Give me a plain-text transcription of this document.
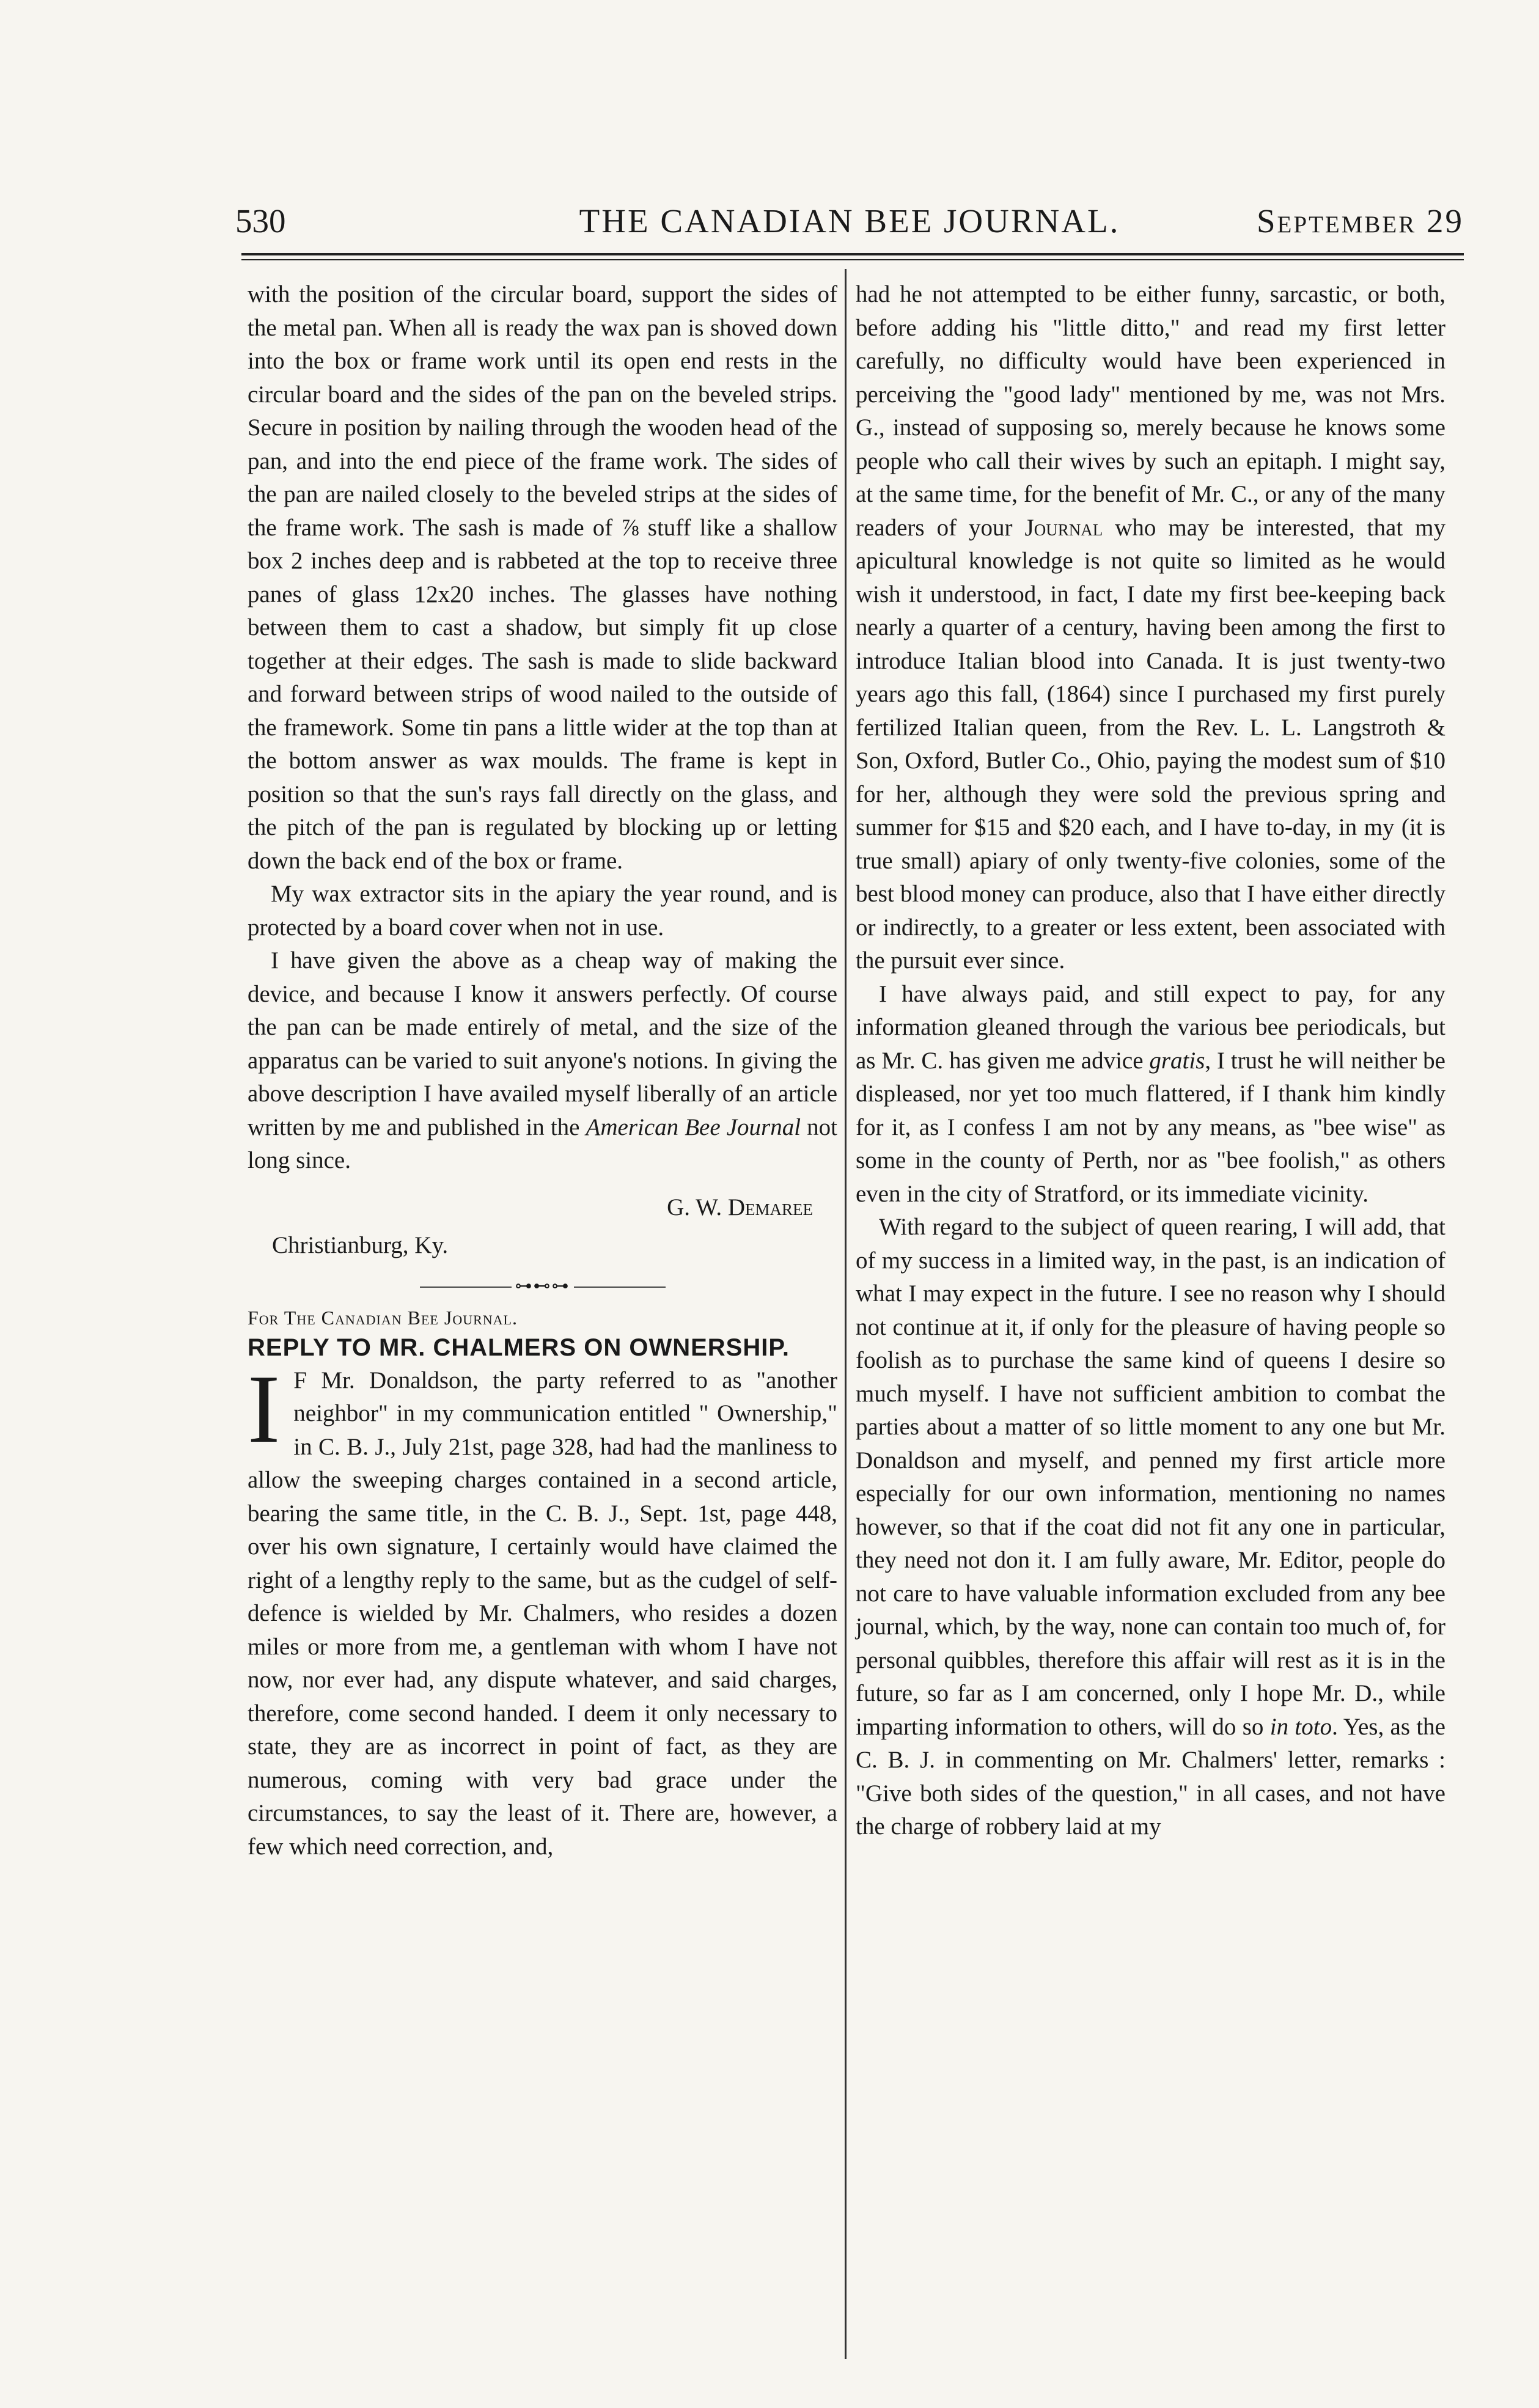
530	THE CANADIAN BEE JOURNAL.	September 29

with the position of the circular board, support the sides of the metal pan. When all is ready the wax pan is shoved down into the box or frame work until its open end rests in the circular board and the sides of the pan on the beveled strips. Secure in position by nailing through the wooden head of the pan, and into the end piece of the frame work. The sides of the pan are nailed closely to the beveled strips at the sides of the frame work. The sash is made of ⅞ stuff like a shallow box 2 inches deep and is rabbeted at the top to receive three panes of glass 12x20 inches. The glasses have nothing between them to cast a shadow, but simply fit up close together at their edges. The sash is made to slide backward and forward between strips of wood nailed to the outside of the framework. Some tin pans a little wider at the top than at the bottom answer as wax moulds. The frame is kept in position so that the sun's rays fall directly on the glass, and the pitch of the pan is regulated by blocking up or letting down the back end of the box or frame.

My wax extractor sits in the apiary the year round, and is protected by a board cover when not in use.

I have given the above as a cheap way of making the device, and because I know it answers perfectly. Of course the pan can be made entirely of metal, and the size of the apparatus can be varied to suit anyone's notions. In giving the above description I have availed myself liberally of an article written by me and published in the American Bee Journal not long since.

G. W. Demaree

Christianburg, Ky.

⊶⊷⊶

For The Canadian Bee Journal.

REPLY TO MR. CHALMERS ON OWNERSHIP.

I F Mr. Donaldson, the party referred to as "another neighbor" in my communication entitled " Ownership," in C. B. J., July 21st, page 328, had had the manliness to allow the sweeping charges contained in a second article, bearing the same title, in the C. B. J., Sept. 1st, page 448, over his own signature, I certainly would have claimed the right of a lengthy reply to the same, but as the cudgel of self-defence is wielded by Mr. Chalmers, who resides a dozen miles or more from me, a gentleman with whom I have not now, nor ever had, any dispute whatever, and said charges, therefore, come second handed. I deem it only necessary to state, they are as incorrect in point of fact, as they are numerous, coming with very bad grace under the circumstances, to say the least of it. There are, however, a few which need correction, and,

had he not attempted to be either funny, sarcastic, or both, before adding his "little ditto," and read my first letter carefully, no difficulty would have been experienced in perceiving the "good lady" mentioned by me, was not Mrs. G., instead of supposing so, merely because he knows some people who call their wives by such an epitaph. I might say, at the same time, for the benefit of Mr. C., or any of the many readers of your Journal who may be interested, that my apicultural knowledge is not quite so limited as he would wish it understood, in fact, I date my first bee-keeping back nearly a quarter of a century, having been among the first to introduce Italian blood into Canada. It is just twenty-two years ago this fall, (1864) since I purchased my first purely fertilized Italian queen, from the Rev. L. L. Langstroth & Son, Oxford, Butler Co., Ohio, paying the modest sum of $10 for her, although they were sold the previous spring and summer for $15 and $20 each, and I have to-day, in my (it is true small) apiary of only twenty-five colonies, some of the best blood money can produce, also that I have either directly or indirectly, to a greater or less extent, been associated with the pursuit ever since.

I have always paid, and still expect to pay, for any information gleaned through the various bee periodicals, but as Mr. C. has given me advice gratis, I trust he will neither be displeased, nor yet too much flattered, if I thank him kindly for it, as I confess I am not by any means, as "bee wise" as some in the county of Perth, nor as "bee foolish," as others even in the city of Stratford, or its immediate vicinity.

With regard to the subject of queen rearing, I will add, that of my success in a limited way, in the past, is an indication of what I may expect in the future. I see no reason why I should not continue at it, if only for the pleasure of having people so foolish as to purchase the same kind of queens I desire so much myself. I have not sufficient ambition to combat the parties about a matter of so little moment to any one but Mr. Donaldson and myself, and penned my first article more especially for our own information, mentioning no names however, so that if the coat did not fit any one in particular, they need not don it. I am fully aware, Mr. Editor, people do not care to have valuable information excluded from any bee journal, which, by the way, none can contain too much of, for personal quibbles, therefore this affair will rest as it is in the future, so far as I am concerned, only I hope Mr. D., while imparting information to others, will do so in toto. Yes, as the C. B. J. in commenting on Mr. Chalmers' letter, remarks : "Give both sides of the question," in all cases, and not have the charge of robbery laid at my
